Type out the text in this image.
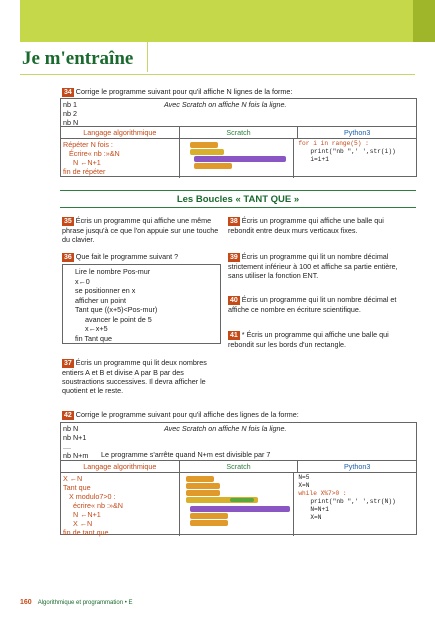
Je m'entraîne
34 Corrige le programme suivant pour qu'il affiche N lignes de la forme:
nb 1
nb 2
nb N
Avec Scratch on affiche N fois la ligne.
Langage algorithmique	Scratch	Python3
Répéter N fois :
Écrire« nb :»&N
N ←N+1
fin de répéter
for i in range(5) :
print("nb ",' ',str(i))
i=i+1
Les Boucles « TANT QUE »
35 Écris un programme qui affiche une même phrase jusqu'à ce que l'on appuie sur une touche du clavier.
36 Que fait le programme suivant ?

Lire le nombre Pos-mur

x←0

se positionner en x

afficher un point

Tant que ((x+5)<Pos-mur)

avancer le point de 5

x←x+5

fin Tant que

37 Écris un programme qui lit deux nombres entiers A et B et divise A par B par des soustractions successives. Il devra afficher le quotient et le reste.
38 Écris un programme qui affiche une balle qui rebondit entre deux murs verticaux fixes.
39 Écris un programme qui lit un nombre décimal strictement inférieur à 100 et affiche sa partie entière, sans utiliser la fonction ENT.
40 Écris un programme qui lit un nombre décimal et affiche ce nombre en écriture scientifique.
41 * Écris un programme qui affiche une balle qui rebondit sur les bords d'un rectangle.
42 Corrige le programme suivant pour qu'il affiche des lignes de la forme:
nb N
nb N+1
....
nb N+m
Avec Scratch on affiche N fois la ligne.
Le programme s'arrête quand N+m est divisible par 7
Langage algorithmique	Scratch	Python3
X ←N
Tant que
X modulo7>0 :
écrire« nb :»&N
N ←N+1
X ←N
fin de tant que
N=5
X=N
while X%7>0 :
print("nb ",' ',str(N))
N=N+1
X=N
160 Algorithmique et programmation • E
